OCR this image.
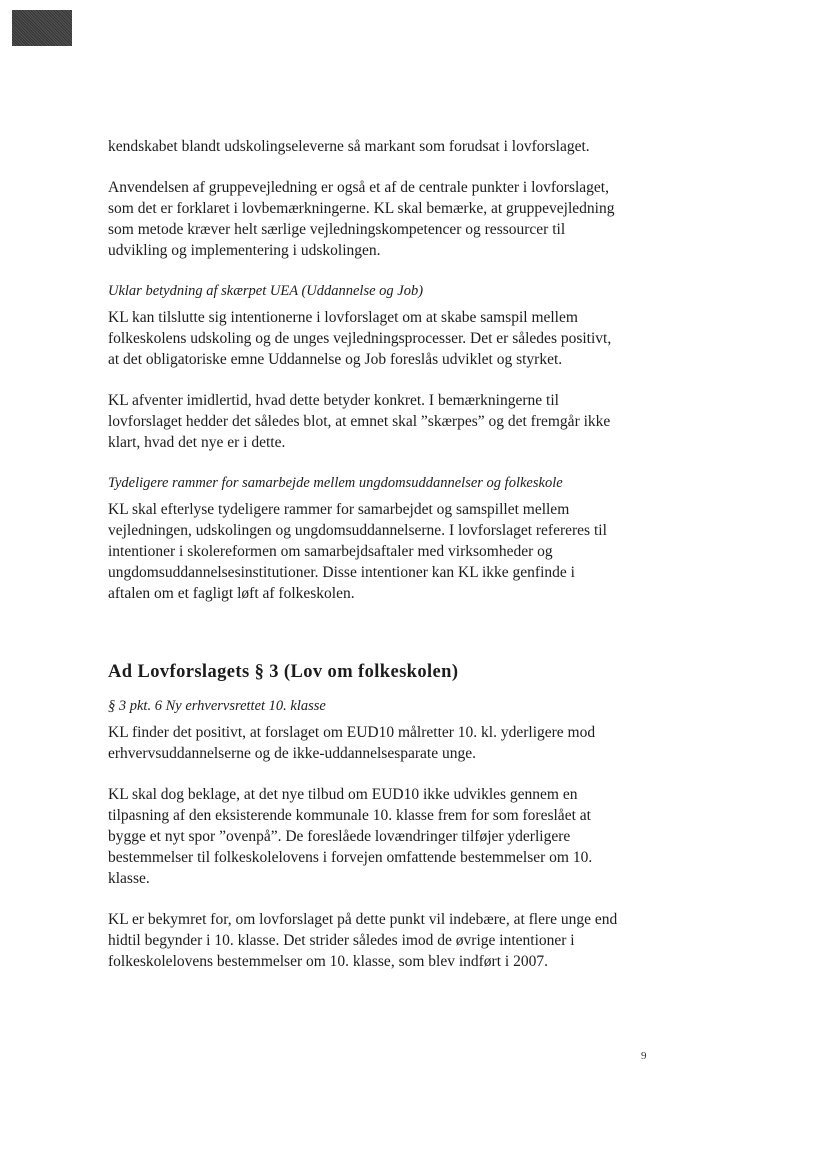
kendskabet blandt udskolingseleverne så markant som forudsat i lovforslaget.

Anvendelsen af gruppevejledning er også et af de centrale punkter i lovforslaget, som det er forklaret i lovbemærkningerne. KL skal bemærke, at gruppevejledning som metode kræver helt særlige vejledningskompetencer og ressourcer til udvikling og implementering i udskolingen.

Uklar betydning af skærpet UEA (Uddannelse og Job)

KL kan tilslutte sig intentionerne i lovforslaget om at skabe samspil mellem folkeskolens udskoling og de unges vejledningsprocesser. Det er således positivt, at det obligatoriske emne Uddannelse og Job foreslås udviklet og styrket.

KL afventer imidlertid, hvad dette betyder konkret. I bemærkningerne til lovforslaget hedder det således blot, at emnet skal ”skærpes” og det fremgår ikke klart, hvad det nye er i dette.

Tydeligere rammer for samarbejde mellem ungdomsuddannelser og folkeskole

KL skal efterlyse tydeligere rammer for samarbejdet og samspillet mellem vejledningen, udskolingen og ungdomsuddannelserne. I lovforslaget refereres til intentioner i skolereformen om samarbejdsaftaler med virksomheder og ungdomsuddannelsesinstitutioner. Disse intentioner kan KL ikke genfinde i aftalen om et fagligt løft af folkeskolen.

Ad Lovforslagets § 3 (Lov om folkeskolen)
§ 3 pkt. 6 Ny erhvervsrettet 10. klasse

KL finder det positivt, at forslaget om EUD10 målretter 10. kl. yderligere mod erhvervsuddannelserne og de ikke-uddannelsesparate unge.

KL skal dog beklage, at det nye tilbud om EUD10 ikke udvikles gennem en tilpasning af den eksisterende kommunale 10. klasse frem for som foreslået at bygge et nyt spor ”ovenpå”. De foreslåede lovændringer tilføjer yderligere bestemmelser til folkeskolelovens i forvejen omfattende bestemmelser om 10. klasse.

KL er bekymret for, om lovforslaget på dette punkt vil indebære, at flere unge end hidtil begynder i 10. klasse. Det strider således imod de øvrige intentioner i folkeskolelovens bestemmelser om 10. klasse, som blev indført i 2007.

9
